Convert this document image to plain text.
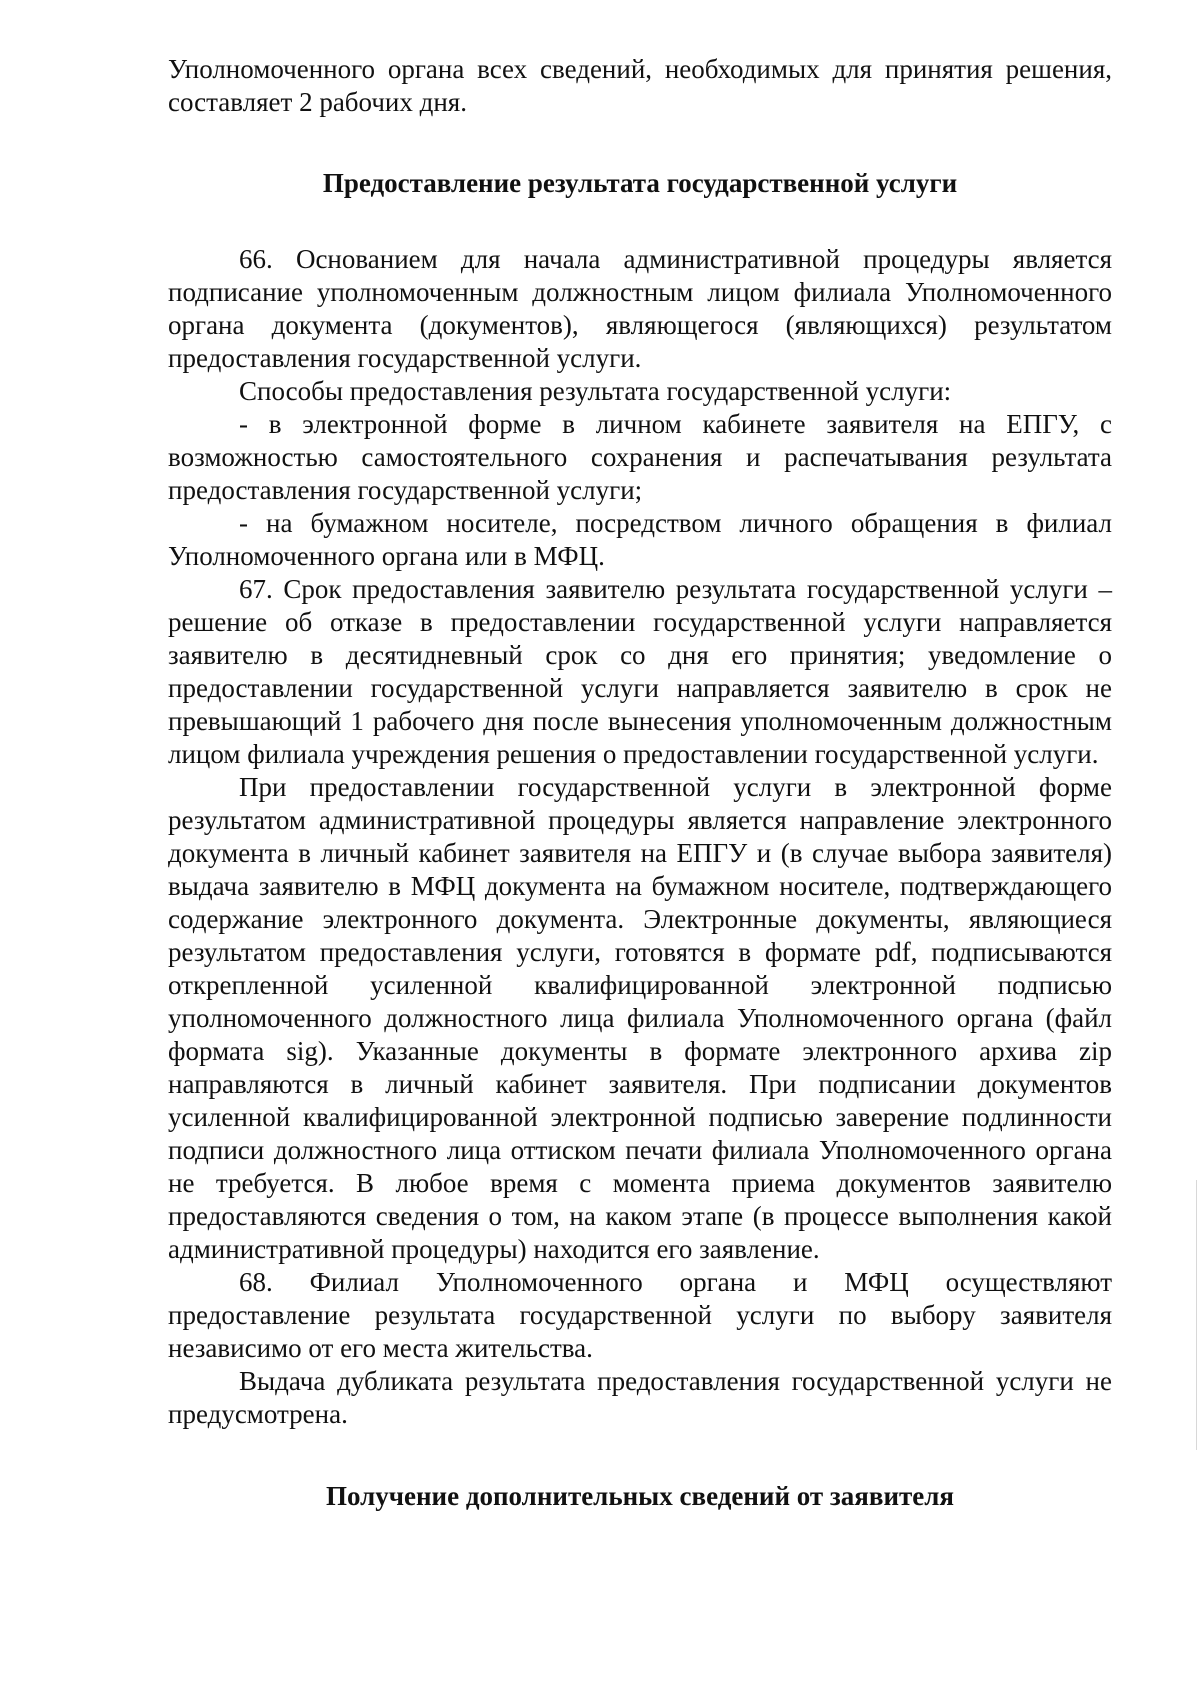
Уполномоченного органа всех сведений, необходимых для принятия решения, составляет 2 рабочих дня.

Предоставление результата государственной услуги

66. Основанием для начала административной процедуры является подписание уполномоченным должностным лицом филиала Уполномоченного органа документа (документов), являющегося (являющихся) результатом предоставления государственной услуги.

Способы предоставления результата государственной услуги:

- в электронной форме в личном кабинете заявителя на ЕПГУ, с возможностью самостоятельного сохранения и распечатывания результата предоставления государственной услуги;

- на бумажном носителе, посредством личного обращения в филиал Уполномоченного органа или в МФЦ.

67. Срок предоставления заявителю результата государственной услуги – решение об отказе в предоставлении государственной услуги направляется заявителю в десятидневный срок со дня его принятия; уведомление о предоставлении государственной услуги направляется заявителю в срок не превышающий 1 рабочего дня после вынесения уполномоченным должностным лицом филиала учреждения решения о предоставлении государственной услуги.

При предоставлении государственной услуги в электронной форме результатом административной процедуры является направление электронного документа в личный кабинет заявителя на ЕПГУ и (в случае выбора заявителя) выдача заявителю в МФЦ документа на бумажном носителе, подтверждающего содержание электронного документа. Электронные документы, являющиеся результатом предоставления услуги, готовятся в формате pdf, подписываются открепленной усиленной квалифицированной электронной подписью уполномоченного должностного лица филиала Уполномоченного органа (файл формата sig). Указанные документы в формате электронного архива zip направляются в личный кабинет заявителя. При подписании документов усиленной квалифицированной электронной подписью заверение подлинности подписи должностного лица оттиском печати филиала Уполномоченного органа не требуется. В любое время с момента приема документов заявителю предоставляются сведения о том, на каком этапе (в процессе выполнения какой административной процедуры) находится его заявление.

68. Филиал Уполномоченного органа и МФЦ осуществляют предоставление результата государственной услуги по выбору заявителя независимо от его места жительства.

Выдача дубликата результата предоставления государственной услуги не предусмотрена.

Получение дополнительных сведений от заявителя
